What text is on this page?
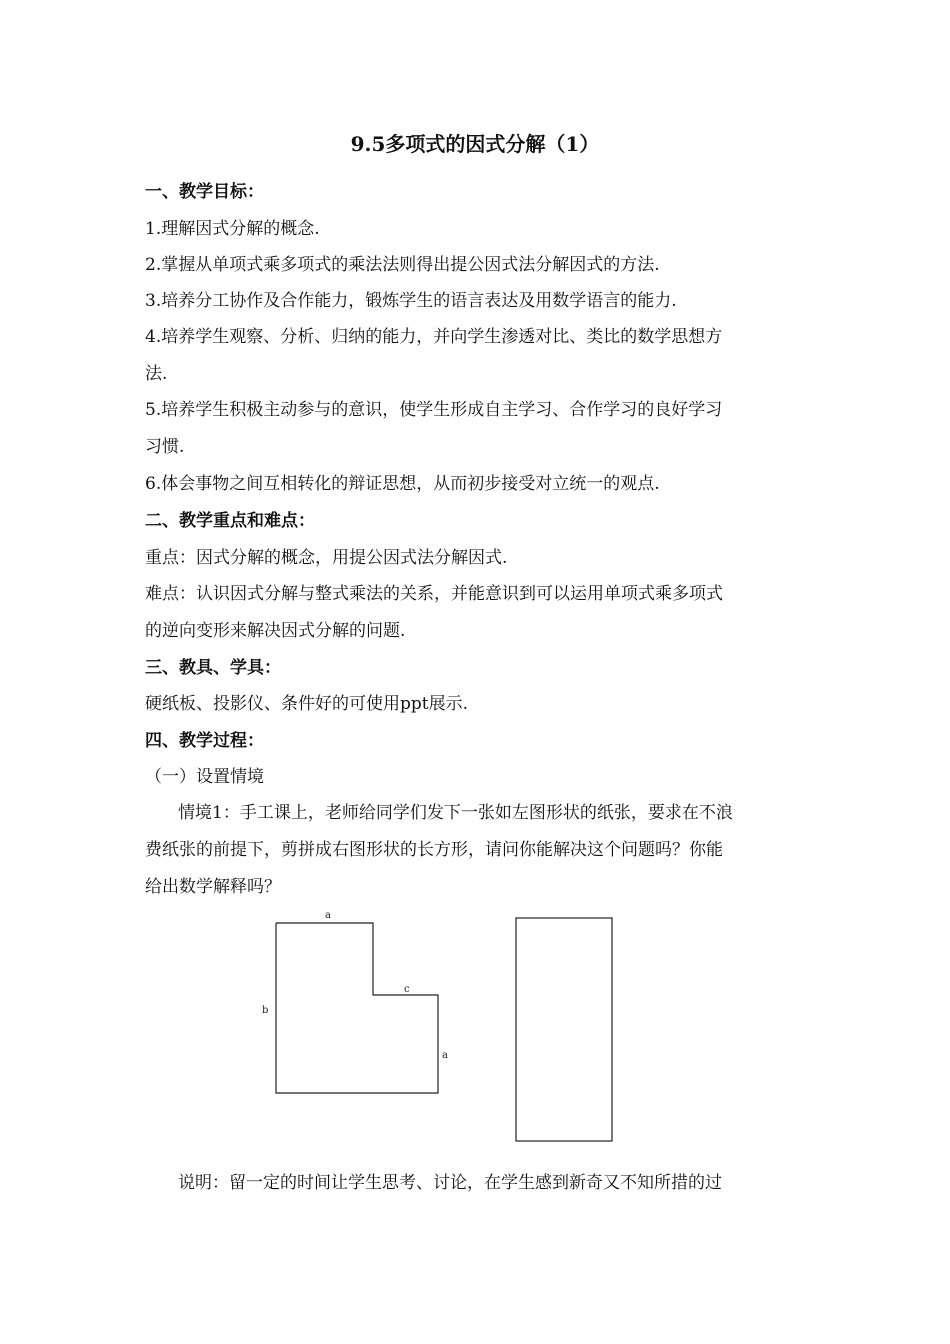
9.5多项式的因式分解（1）
一、教学目标：
1.理解因式分解的概念.
2.掌握从单项式乘多项式的乘法法则得出提公因式法分解因式的方法.
3.培养分工协作及合作能力，锻炼学生的语言表达及用数学语言的能力.
4.培养学生观察、分析、归纳的能力，并向学生渗透对比、类比的数学思想方
法.
5.培养学生积极主动参与的意识，使学生形成自主学习、合作学习的良好学习
习惯.
6.体会事物之间互相转化的辩证思想，从而初步接受对立统一的观点.
二、教学重点和难点：
重点：因式分解的概念，用提公因式法分解因式.
难点：认识因式分解与整式乘法的关系，并能意识到可以运用单项式乘多项式
的逆向变形来解决因式分解的问题.
三、教具、学具：
硬纸板、投影仪、条件好的可使用ppt展示.
四、教学过程：
（一）设置情境
情境1：手工课上，老师给同学们发下一张如左图形状的纸张，要求在不浪
费纸张的前提下，剪拼成右图形状的长方形，请问你能解决这个问题吗？你能
给出数学解释吗？
a
b
c
a
说明：留一定的时间让学生思考、讨论，在学生感到新奇又不知所措的过
